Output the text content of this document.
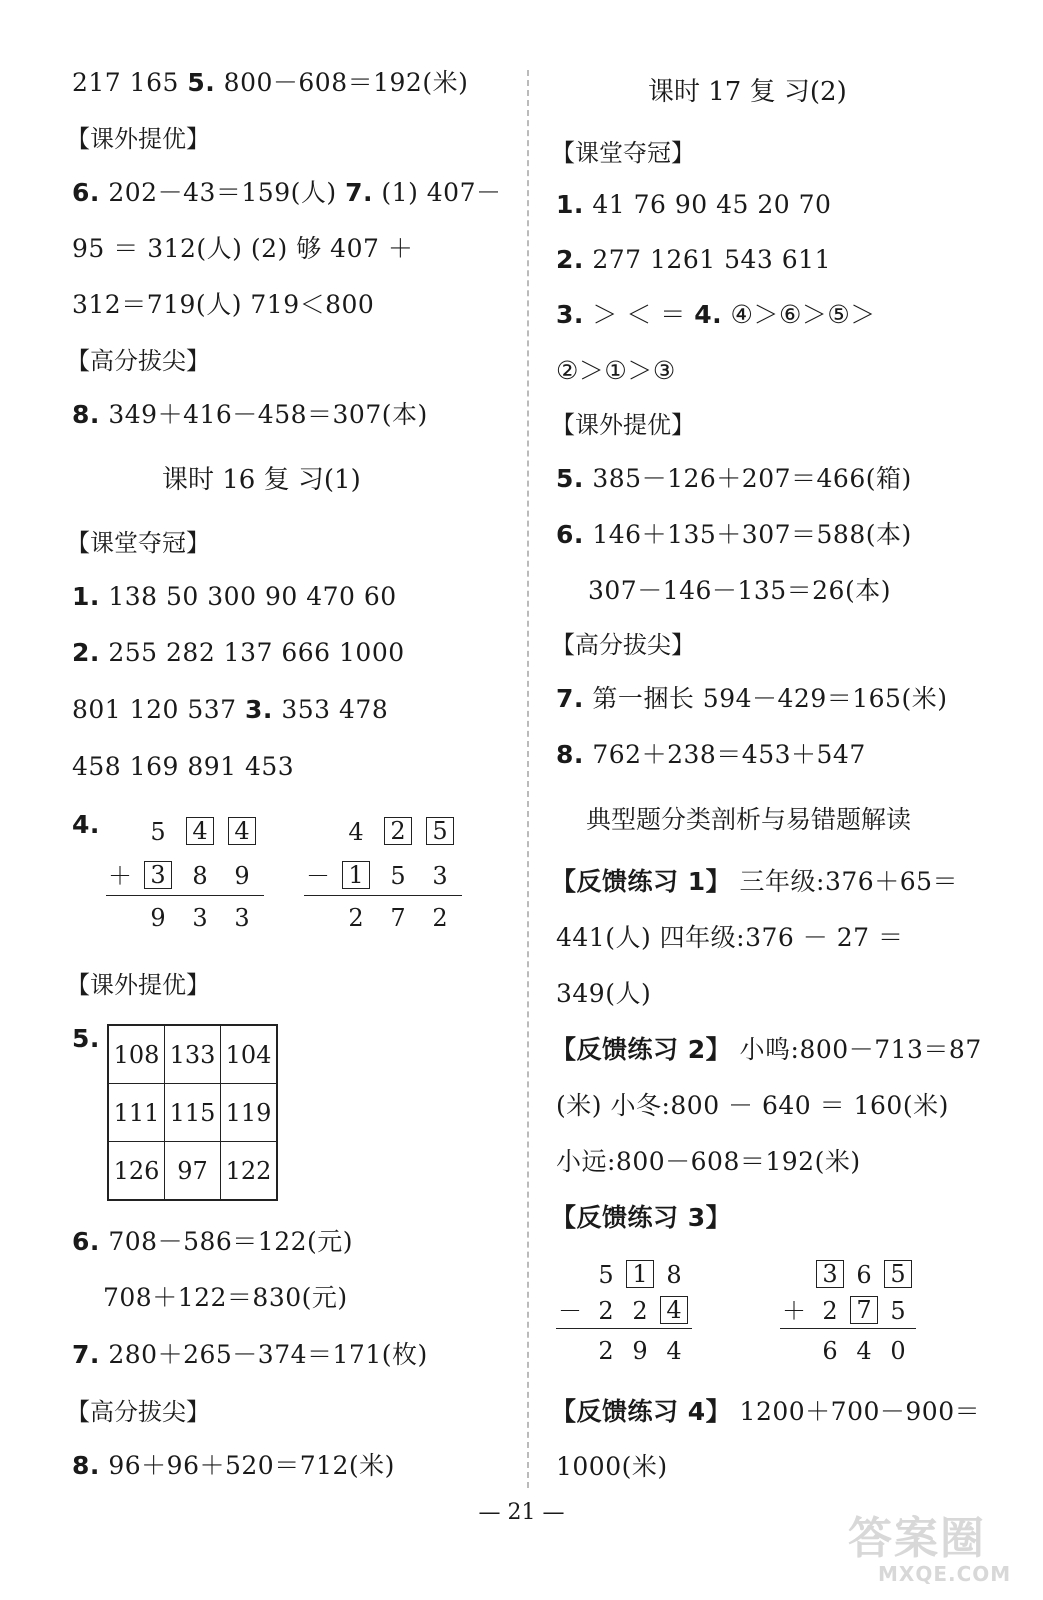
217 165 5. 800－608＝192(米)
【课外提优】
6. 202－43＝159(人) 7. (1) 407－
95 ＝ 312(人) (2) 够 407 ＋
312＝719(人) 719＜800
【高分拔尖】
8. 349＋416－458＝307(本)
课时 16 复 习(1)
【课堂夺冠】
1. 138 50 300 90 470 60
2. 255 282 137 666 1000
801 120 537 3. 353 478
458 169 891 453
4. 5 4 4
＋ 3 8 9
9 3 3
4 2 5
－ 1 5 3
2 7 2
【课外提优】
5.
108	133	104
111	115	119
126	97	122
6. 708－586＝122(元)
708＋122＝830(元)
7. 280＋265－374＝171(枚)
【高分拔尖】
8. 96＋96＋520＝712(米)
课时 17 复 习(2)
【课堂夺冠】
1. 41 76 90 45 20 70
2. 277 1261 543 611
3. ＞ ＜ ＝ 4. ④＞⑥＞⑤＞
②＞①＞③
【课外提优】
5. 385－126＋207＝466(箱)
6. 146＋135＋307＝588(本)
307－146－135＝26(本)
【高分拔尖】
7. 第一捆长 594－429＝165(米)
8. 762＋238＝453＋547
典型题分类剖析与易错题解读
【反馈练习 1】 三年级:376＋65＝
441(人) 四年级:376 － 27 ＝
349(人)
【反馈练习 2】 小鸣:800－713＝87
(米) 小冬:800 － 640 ＝ 160(米)
小远:800－608＝192(米)
【反馈练习 3】
5 1 8
－ 2 2 4
2 9 4
3 6 5
＋ 2 7 5
6 4 0
【反馈练习 4】 1200＋700－900＝
1000(米)
— 21 —
答案圈
MXQE.COM
